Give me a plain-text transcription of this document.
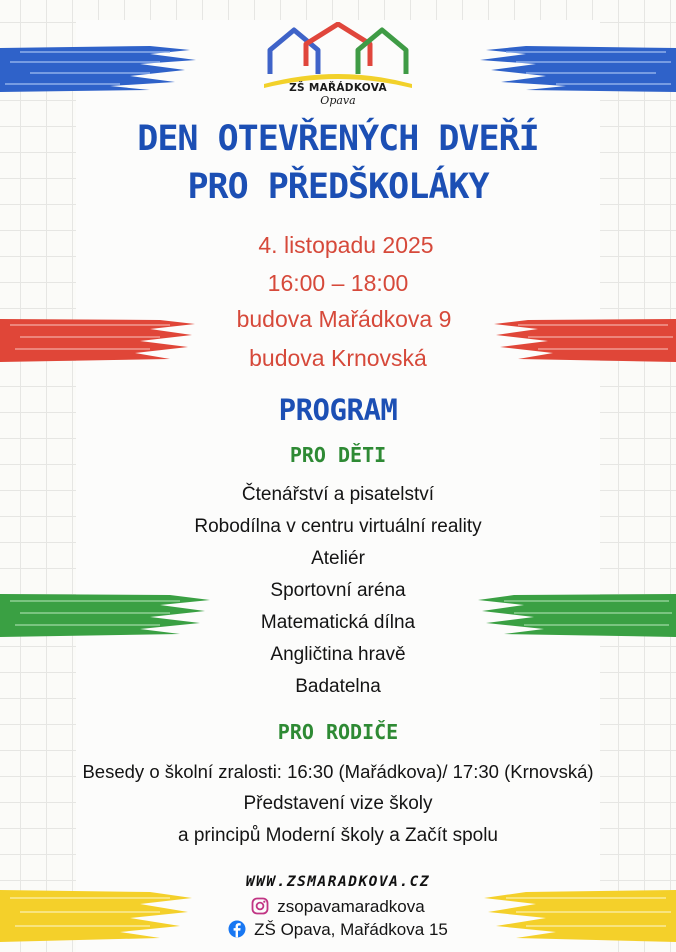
ZŠ MAŘÁDKOVA
Opava
DEN OTEVŘENÝCH DVEŘÍ
PRO PŘEDŠKOLÁKY
4. listopadu 2025
16:00 – 18:00
budova Mařádkova 9
budova Krnovská
PROGRAM
PRO DĚTI
Čtenářství a pisatelství
Robodílna v centru virtuální reality
Ateliér
Sportovní aréna
Matematická dílna
Angličtina hravě
Badatelna
PRO RODIČE
Besedy o školní zralosti: 16:30 (Mařádkova)/ 17:30 (Krnovská)
Představení vize školy
a principů Moderní školy a Začít spolu
WWW.ZSMARADKOVA.CZ
zsopavamaradkova
ZŠ Opava, Mařádkova 15
